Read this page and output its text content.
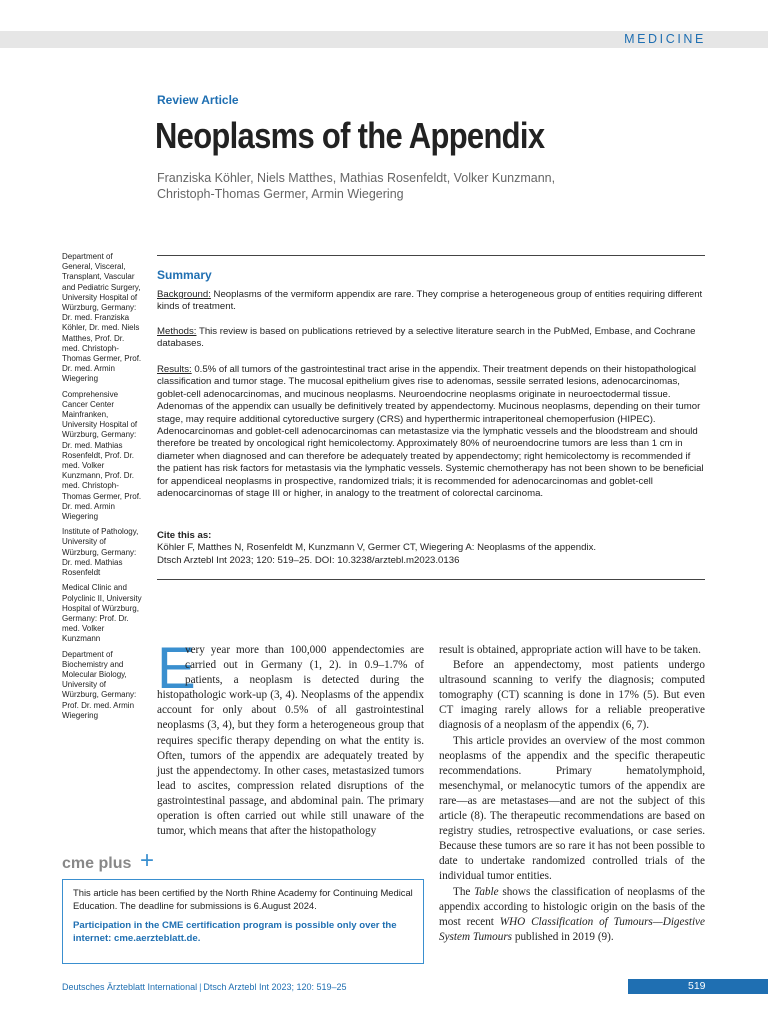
MEDICINE
Review Article
Neoplasms of the Appendix
Franziska Köhler, Niels Matthes, Mathias Rosenfeldt, Volker Kunzmann,
Christoph-Thomas Germer, Armin Wiegering
Department of General, Visceral, Transplant, Vascular and Pediatric Surgery, University Hospital of Würzburg, Germany: Dr. med. Franziska Köhler, Dr. med. Niels Matthes, Prof. Dr. med. Christoph-Thomas Germer, Prof. Dr. med. Armin Wiegering
Comprehensive Cancer Center Mainfranken, University Hospital of Würzburg, Germany: Dr. med. Mathias Rosenfeldt, Prof. Dr. med. Volker Kunzmann, Prof. Dr. med. Christoph-Thomas Germer, Prof. Dr. med. Armin Wiegering
Institute of Pathology, University of Würzburg, Germany: Dr. med. Mathias Rosenfeldt
Medical Clinic and Polyclinic II, University Hospital of Würzburg, Germany: Prof. Dr. med. Volker Kunzmann
Department of Biochemistry and Molecular Biology, University of Würzburg, Germany: Prof. Dr. med. Armin Wiegering
Summary
Background: Neoplasms of the vermiform appendix are rare. They comprise a heterogeneous group of entities requiring different kinds of treatment.
Methods: This review is based on publications retrieved by a selective literature search in the PubMed, Embase, and Cochrane databases.
Results: 0.5% of all tumors of the gastrointestinal tract arise in the appendix. Their treatment depends on their histopathological classification and tumor stage. The mucosal epithelium gives rise to adenomas, sessile serrated lesions, adenocarcinomas, goblet-cell adenocarcinomas, and mucinous neoplasms. Neuroendocrine neoplasms originate in neuroectodermal tissue. Adenomas of the appendix can usually be definitively treated by appendectomy. Mucinous neoplasms, depending on their tumor stage, may require additional cytoreductive surgery (CRS) and hyperthermic intraperitoneal chemoperfusion (HIPEC). Adenocarcinomas and goblet-cell adenocarcinomas can metastasize via the lymphatic vessels and the bloodstream and should therefore be treated by oncological right hemicolectomy. Approximately 80% of neuroendocrine tumors are less than 1 cm in diameter when diagnosed and can therefore be adequately treated by appendectomy; right hemicolectomy is recommended if the patient has risk factors for metastasis via the lymphatic vessels. Systemic chemotherapy has not been shown to be beneficial for appendiceal neoplasms in prospective, randomized trials; it is recommended for adenocarcinomas and goblet-cell adenocarcinomas of stage III or higher, in analogy to the treatment of colorectal carcinoma.
Cite this as:
Köhler F, Matthes N, Rosenfeldt M, Kunzmann V, Germer CT, Wiegering A: Neoplasms of the appendix.
Dtsch Arztebl Int 2023; 120: 519–25. DOI: 10.3238/arztebl.m2023.0136
E

very year more than 100,000 appendectomies are carried out in Germany (1, 2). in 0.9–1.7% of patients, a neoplasm is detected during the histopathologic work-up (3, 4). Neoplasms of the appendix account for only about 0.5% of all gastrointestinal neoplasms (3, 4), but they form a heterogeneous group that requires specific therapy depending on what the entity is. Often, tumors of the appendix are adequately treated by just the appendectomy. In other cases, metastasized tumors lead to ascites, compression related disruptions of the gastrointestinal passage, and abdominal pain. The primary operation is often carried out while still unaware of the tumor, which means that after the histopathology

result is obtained, appropriate action will have to be taken.

Before an appendectomy, most patients undergo ultrasound scanning to verify the diagnosis; computed tomography (CT) scanning is done in 17% (5). But even CT imaging rarely allows for a reliable preoperative diagnosis of a neoplasm of the appendix (6, 7).

This article provides an overview of the most common neoplasms of the appendix and the specific therapeutic recommendations. Primary hematolymphoid, mesenchymal, or melanocytic tumors of the appendix are rare—as are metastases—and are not the subject of this article (8). The therapeutic recommendations are based on registry studies, retrospective evaluations, or case series. Because these tumors are so rare it has not been possible to date to undertake randomized controlled trials of the individual tumor entities.

The Table shows the classification of neoplasms of the appendix according to histologic origin on the basis of the most recent WHO Classification of Tumours—Digestive System Tumours published in 2019 (9).

cme plus +
This article has been certified by the North Rhine Academy for Continuing Medical Education. The deadline for submissions is 6.August 2024.
Participation in the CME certification program is possible only over the internet: cme.aerzteblatt.de.
Deutsches Ärzteblatt International | Dtsch Arztebl Int 2023; 120: 519–25	519
